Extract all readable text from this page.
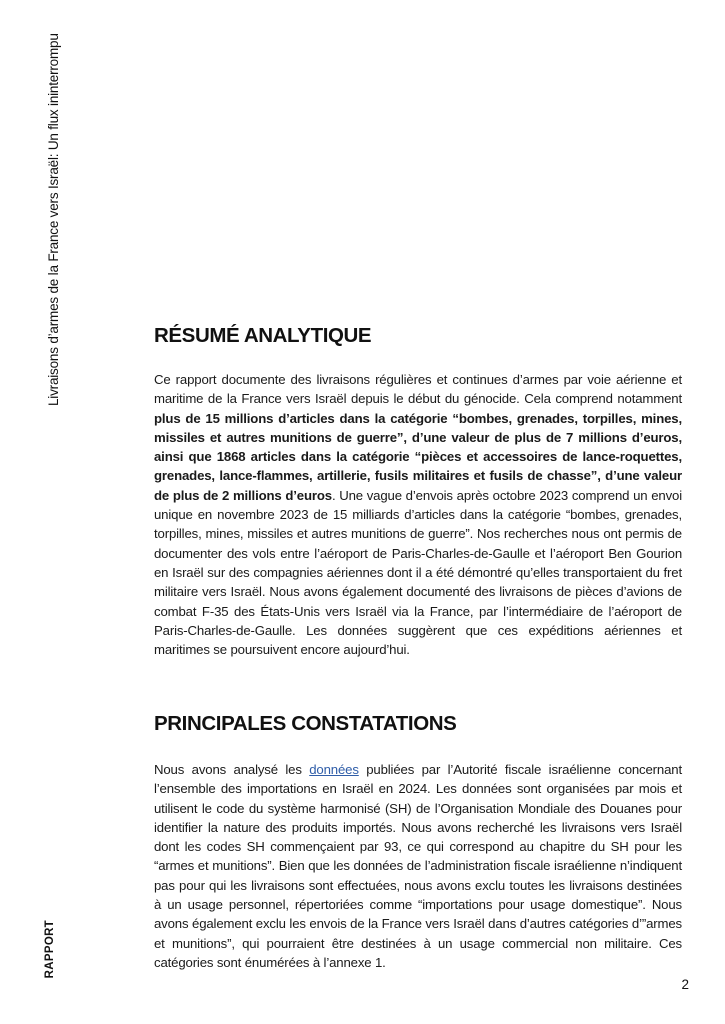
Livraisons d’armes de la France vers Israël: Un flux ininterrompu
RAPPORT
RÉSUMÉ ANALYTIQUE

Ce rapport documente des livraisons régulières et continues d’armes par voie aérienne et maritime de la France vers Israël depuis le début du génocide. Cela comprend notamment plus de 15 millions d’articles dans la catégorie “bombes, grenades, torpilles, mines, missiles et autres munitions de guerre”, d’une valeur de plus de 7 millions d’euros, ainsi que 1868 articles dans la catégorie “pièces et accessoires de lance-roquettes, grenades, lance-flammes, artillerie, fusils militaires et fusils de chasse”, d’une valeur de plus de 2 millions d’euros. Une vague d’envois après octobre 2023 comprend un envoi unique en novembre 2023 de 15 milliards d’articles dans la catégorie “bombes, grenades, torpilles, mines, missiles et autres munitions de guerre”. Nos recherches nous ont permis de documenter des vols entre l’aéroport de Paris-Charles-de-Gaulle et l’aéroport Ben Gourion en Israël sur des compagnies aériennes dont il a été démontré qu’elles transportaient du fret militaire vers Israël. Nous avons également documenté des livraisons de pièces d’avions de combat F-35 des États-Unis vers Israël via la France, par l’intermédiaire de l’aéroport de Paris-Charles-de-Gaulle. Les données suggèrent que ces expéditions aériennes et maritimes se poursuivent encore aujourd’hui.

PRINCIPALES CONSTATATIONS

Nous avons analysé les données publiées par l’Autorité fiscale israélienne concernant l’ensemble des importations en Israël en 2024. Les données sont organisées par mois et utilisent le code du système harmonisé (SH) de l’Organisation Mondiale des Douanes pour identifier la nature des produits importés. Nous avons recherché les livraisons vers Israël dont les codes SH commençaient par 93, ce qui correspond au chapitre du SH pour les “armes et munitions”. Bien que les données de l’administration fiscale israélienne n’indiquent pas pour qui les livraisons sont effectuées, nous avons exclu toutes les livraisons destinées à un usage personnel, répertoriées comme “importations pour usage domestique”. Nous avons également exclu les envois de la France vers Israël dans d’autres catégories d’”armes et munitions”, qui pourraient être destinées à un usage commercial non militaire. Ces catégories sont énumérées à l’annexe 1.

2
